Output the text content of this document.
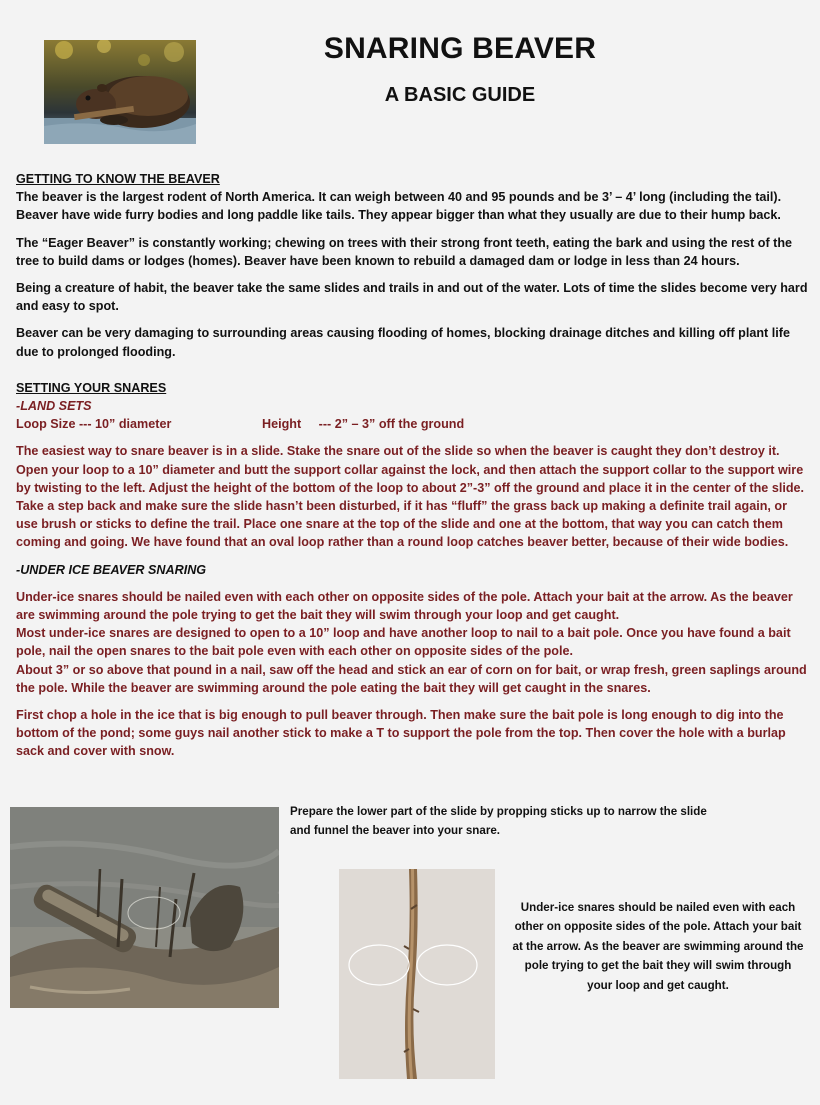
SNARING BEAVER
A BASIC GUIDE
GETTING TO KNOW THE BEAVER

The beaver is the largest rodent of North America. It can weigh between 40 and 95 pounds and be 3’ – 4’ long (including the tail). Beaver have wide furry bodies and long paddle like tails. They appear bigger than what they usually are due to their hump back.

The “Eager Beaver” is constantly working; chewing on trees with their strong front teeth, eating the bark and using the rest of the tree to build dams or lodges (homes). Beaver have been known to rebuild a damaged dam or lodge in less than 24 hours.

Being a creature of habit, the beaver take the same slides and trails in and out of the water. Lots of time the slides become very hard and easy to spot.

Beaver can be very damaging to surrounding areas causing flooding of homes, blocking drainage ditches and killing off plant life due to prolonged flooding.

SETTING YOUR SNARES
-LAND SETS
Loop Size --- 10” diameter	Height     --- 2” – 3” off the ground

The easiest way to snare beaver is in a slide. Stake the snare out of the slide so when the beaver is caught they don’t destroy it. Open your loop to a 10” diameter and butt the support collar against the lock, and then attach the support collar to the support wire by twisting to the left. Adjust the height of the bottom of the loop to about 2”-3” off the ground and place it in the center of the slide. Take a step back and make sure the slide hasn’t been disturbed, if it has “fluff” the grass back up making a definite trail again, or use brush or sticks to define the trail. Place one snare at the top of the slide and one at the bottom, that way you can catch them coming and going. We have found that an oval loop rather than a round loop catches beaver better, because of their wide bodies.

-UNDER ICE BEAVER SNARING

Under-ice snares should be nailed even with each other on opposite sides of the pole. Attach your bait at the arrow. As the beaver are swimming around the pole trying to get the bait they will swim through your loop and get caught.
Most under-ice snares are designed to open to a 10” loop and have another loop to nail to a bait pole. Once you have found a bait pole, nail the open snares to the bait pole even with each other on opposite sides of the pole.
About 3” or so above that pound in a nail, saw off the head and stick an ear of corn on for bait, or wrap fresh, green saplings around the pole. While the beaver are swimming around the pole eating the bait they will get caught in the snares.

First chop a hole in the ice that is big enough to pull beaver through. Then make sure the bait pole is long enough to dig into the bottom of the pond; some guys nail another stick to make a T to support the pole from the top. Then cover the hole with a burlap sack and cover with snow.

Prepare the lower part of the slide by propping sticks up to narrow the slide and funnel the beaver into your snare.
Under-ice snares should be nailed even with each other on opposite sides of the pole. Attach your bait at the arrow. As the beaver are swimming around the pole trying to get the bait they will swim through your loop and get caught.
